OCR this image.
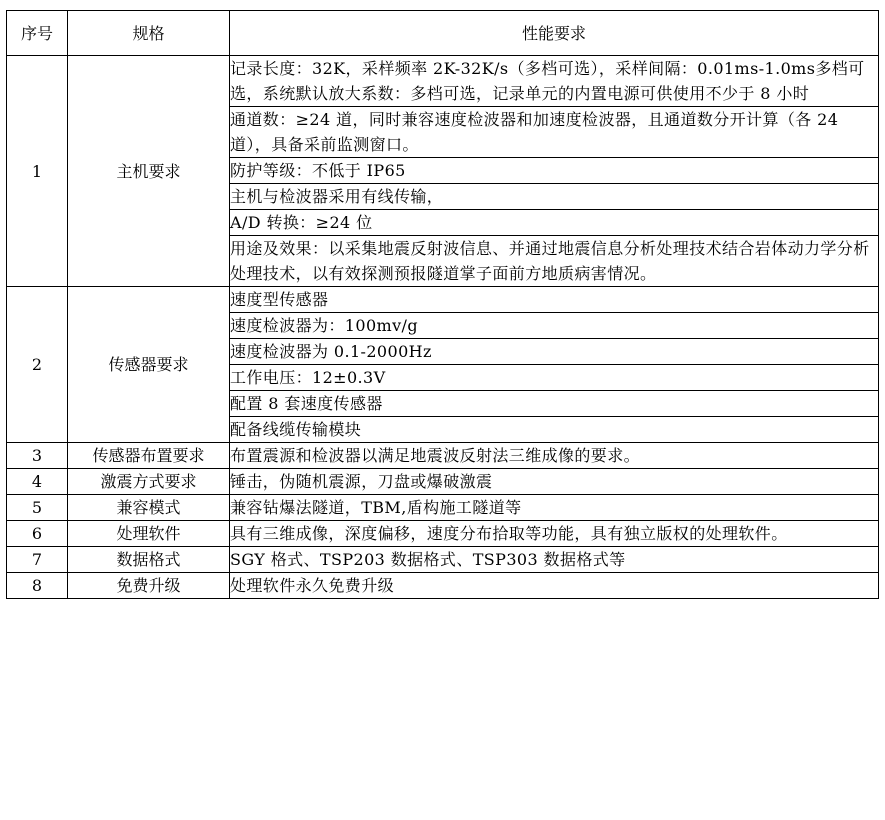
序号	规格	性能要求
1	主机要求	记录长度：32K，采样频率 2K-32K/s（多档可选），采样间隔：0.01ms-1.0ms多档可选，系统默认放大系数：多档可选，记录单元的内置电源可供使用不少于 8 小时
		通道数：≥24 道，同时兼容速度检波器和加速度检波器，且通道数分开计算（各 24 道），具备采前监测窗口。
		防护等级：不低于 IP65
		主机与检波器采用有线传输，
		A/D 转换：≥24 位
		用途及效果：以采集地震反射波信息、并通过地震信息分析处理技术结合岩体动力学分析处理技术，以有效探测预报隧道掌子面前方地质病害情况。
2	传感器要求	速度型传感器
		速度检波器为：100mv/g
		速度检波器为 0.1-2000Hz
		工作电压：12±0.3V
		配置 8 套速度传感器
		配备线缆传输模块
3	传感器布置要求	布置震源和检波器以满足地震波反射法三维成像的要求。
4	激震方式要求	锤击，伪随机震源，刀盘或爆破激震
5	兼容模式	兼容钻爆法隧道，TBM,盾构施工隧道等
6	处理软件	具有三维成像，深度偏移，速度分布拾取等功能，具有独立版权的处理软件。
7	数据格式	SGY 格式、TSP203 数据格式、TSP303 数据格式等
8	免费升级	处理软件永久免费升级
